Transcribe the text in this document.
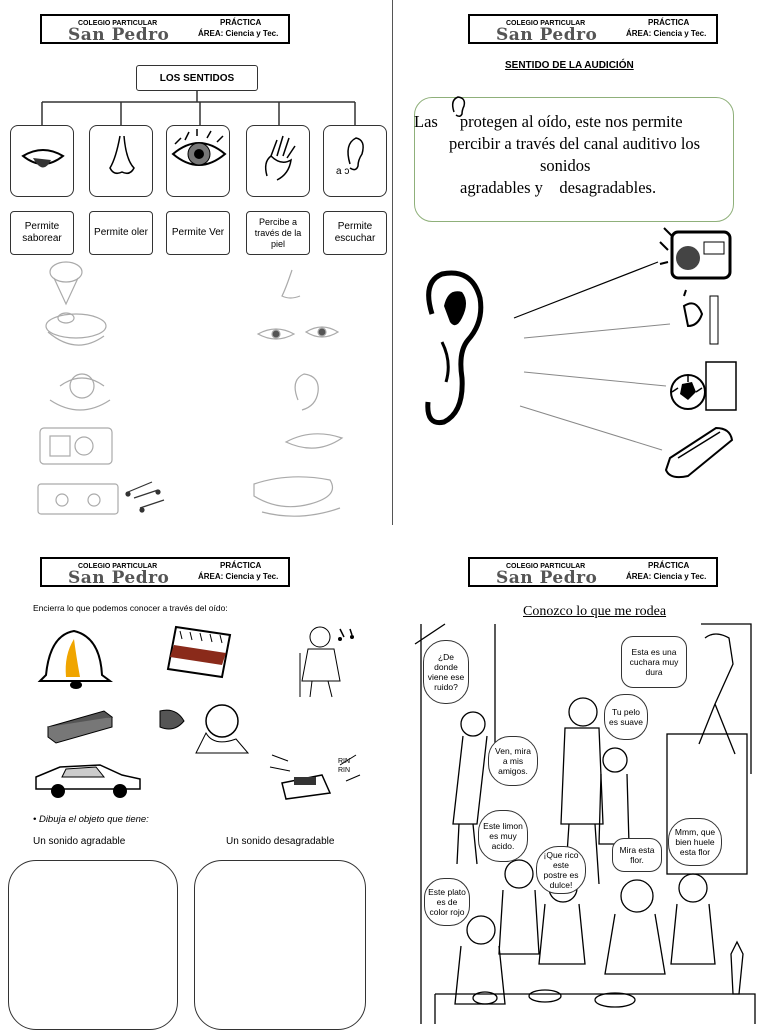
COLEGIO PARTICULAR
San Pedro
PRÁCTICA
ÁREA: Ciencia y Tec.
LOS SENTIDOS
a ɔ
Permite saborear
Permite oler	Permite Ver
Percibe a través de la piel
Permite escuchar
COLEGIO PARTICULAR
San Pedro
PRÁCTICA
ÁREA: Ciencia y Tec.
SENTIDO DE LA AUDICIÓN
Las protegen al oído, este nos permite
percibir a través del canal auditivo los
sonidos
agradables y    desagradables.
COLEGIO PARTICULAR
San Pedro
PRÁCTICA
ÁREA: Ciencia y Tec.
Encierra lo que podemos conocer a través del oído:
RIN RIN
• Dibuja el objeto que tiene:
Un sonido agradable	Un sonido desagradable
COLEGIO PARTICULAR
San Pedro
PRÁCTICA
ÁREA: Ciencia y Tec.
Conozco lo que me rodea
¿De donde viene ese ruido?
Esta es una cuchara muy dura
Tu pelo es suave
Ven, mira a mis amigos.
Este limon es muy acido.	Mira esta flor.
Mmm, que bien huele esta flor
¡Que rico este postre es dulce!
Este plato es de color rojo
